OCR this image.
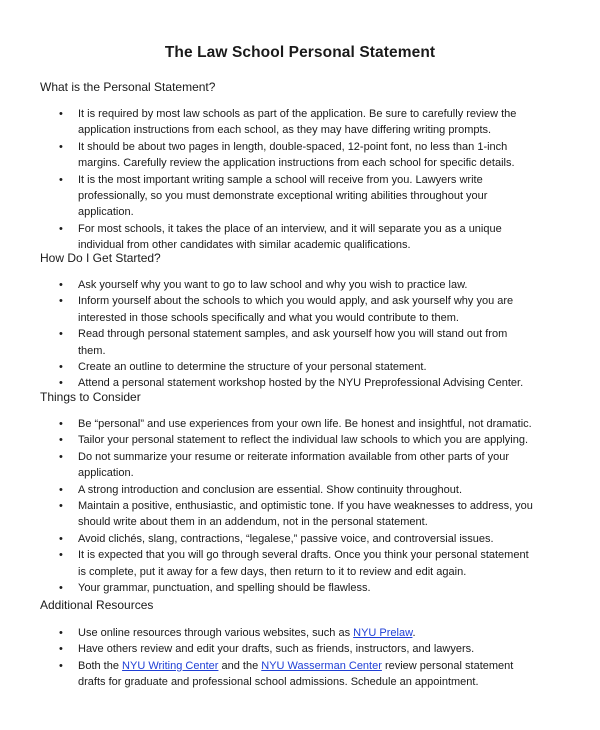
The Law School Personal Statement
What is the Personal Statement?
• It is required by most law schools as part of the application. Be sure to carefully review the application instructions from each school, as they may have differing writing prompts.
• It should be about two pages in length, double-spaced, 12-point font, no less than 1-inch margins. Carefully review the application instructions from each school for specific details.
• It is the most important writing sample a school will receive from you. Lawyers write professionally, so you must demonstrate exceptional writing abilities throughout your application.
• For most schools, it takes the place of an interview, and it will separate you as a unique individual from other candidates with similar academic qualifications.
How Do I Get Started?
• Ask yourself why you want to go to law school and why you wish to practice law.
• Inform yourself about the schools to which you would apply, and ask yourself why you are interested in those schools specifically and what you would contribute to them.
• Read through personal statement samples, and ask yourself how you will stand out from them.
• Create an outline to determine the structure of your personal statement.
• Attend a personal statement workshop hosted by the NYU Preprofessional Advising Center.
Things to Consider
• Be “personal” and use experiences from your own life. Be honest and insightful, not dramatic.
• Tailor your personal statement to reflect the individual law schools to which you are applying.
• Do not summarize your resume or reiterate information available from other parts of your application.
• A strong introduction and conclusion are essential. Show continuity throughout.
• Maintain a positive, enthusiastic, and optimistic tone. If you have weaknesses to address, you should write about them in an addendum, not in the personal statement.
• Avoid clichés, slang, contractions, “legalese,” passive voice, and controversial issues.
• It is expected that you will go through several drafts. Once you think your personal statement is complete, put it away for a few days, then return to it to review and edit again.
• Your grammar, punctuation, and spelling should be flawless.
Additional Resources
• Use online resources through various websites, such as NYU Prelaw.
• Have others review and edit your drafts, such as friends, instructors, and lawyers.
• Both the NYU Writing Center and the NYU Wasserman Center review personal statement drafts for graduate and professional school admissions. Schedule an appointment.
